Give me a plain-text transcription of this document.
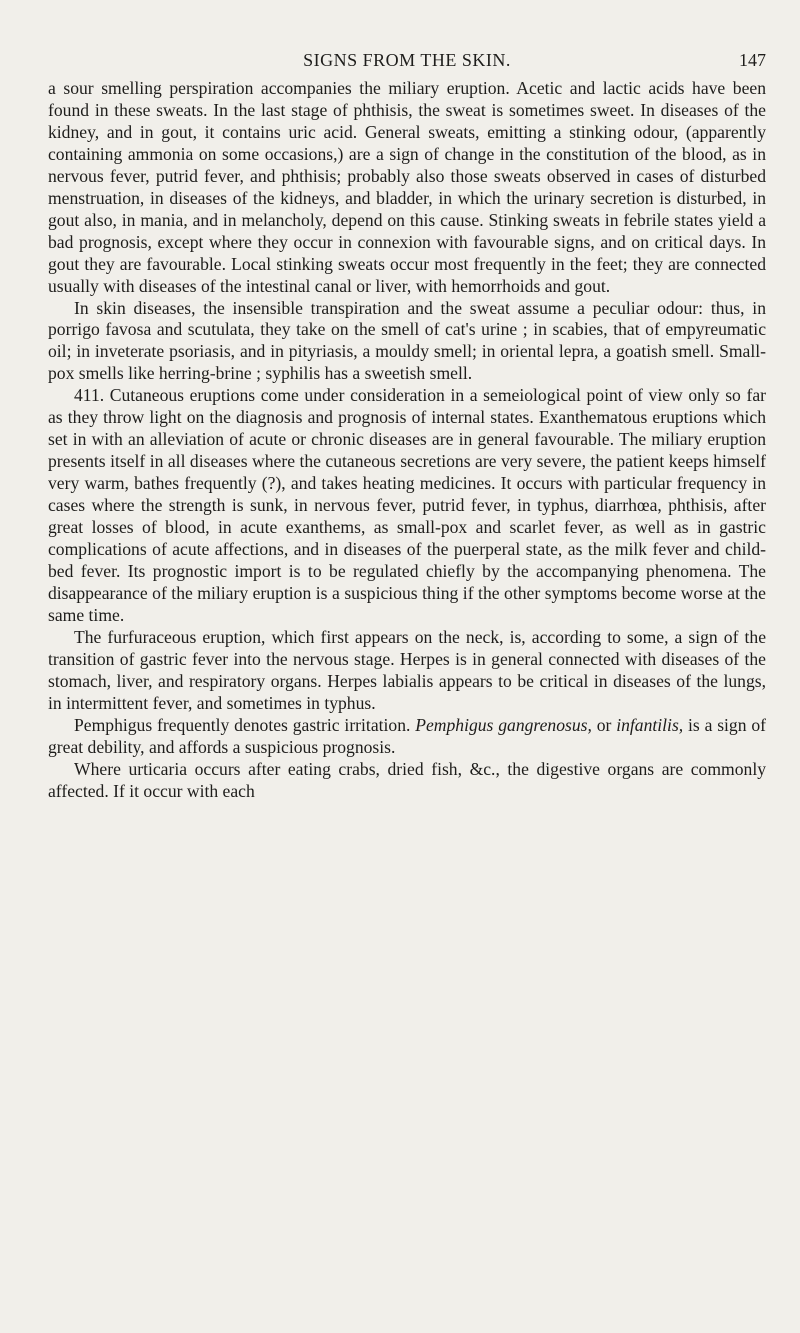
SIGNS FROM THE SKIN.	147

a sour smelling perspiration accompanies the miliary eruption. Acetic and lactic acids have been found in these sweats. In the last stage of phthisis, the sweat is sometimes sweet. In diseases of the kidney, and in gout, it contains uric acid. General sweats, emitting a stinking odour, (apparently containing ammonia on some occasions,) are a sign of change in the constitution of the blood, as in nervous fever, putrid fever, and phthisis; probably also those sweats observed in cases of disturbed menstruation, in diseases of the kidneys, and bladder, in which the urinary secretion is disturbed, in gout also, in mania, and in melancholy, depend on this cause. Stinking sweats in febrile states yield a bad prognosis, except where they occur in connexion with favourable signs, and on critical days. In gout they are favourable. Local stinking sweats occur most frequently in the feet; they are connected usually with diseases of the intestinal canal or liver, with hemorrhoids and gout.

In skin diseases, the insensible transpiration and the sweat assume a peculiar odour: thus, in porrigo favosa and scutulata, they take on the smell of cat's urine ; in scabies, that of empyreumatic oil; in inveterate psoriasis, and in pityriasis, a mouldy smell; in oriental lepra, a goatish smell. Small-pox smells like herring-brine ; syphilis has a sweetish smell.

411. Cutaneous eruptions come under consideration in a semeiological point of view only so far as they throw light on the diagnosis and prognosis of internal states. Exanthematous eruptions which set in with an alleviation of acute or chronic diseases are in general favourable. The miliary eruption presents itself in all diseases where the cutaneous secretions are very severe, the patient keeps himself very warm, bathes frequently (?), and takes heating medicines. It occurs with particular frequency in cases where the strength is sunk, in nervous fever, putrid fever, in typhus, diarrhœa, phthisis, after great losses of blood, in acute exanthems, as small-pox and scarlet fever, as well as in gastric complications of acute affections, and in diseases of the puerperal state, as the milk fever and child-bed fever. Its prognostic import is to be regulated chiefly by the accompanying phenomena. The disappearance of the miliary eruption is a suspicious thing if the other symptoms become worse at the same time.

The furfuraceous eruption, which first appears on the neck, is, according to some, a sign of the transition of gastric fever into the nervous stage. Herpes is in general connected with diseases of the stomach, liver, and respiratory organs. Herpes labialis appears to be critical in diseases of the lungs, in intermittent fever, and sometimes in typhus.

Pemphigus frequently denotes gastric irritation. Pemphigus gangrenosus, or infantilis, is a sign of great debility, and affords a suspicious prognosis.

Where urticaria occurs after eating crabs, dried fish, &c., the digestive organs are commonly affected. If it occur with each
